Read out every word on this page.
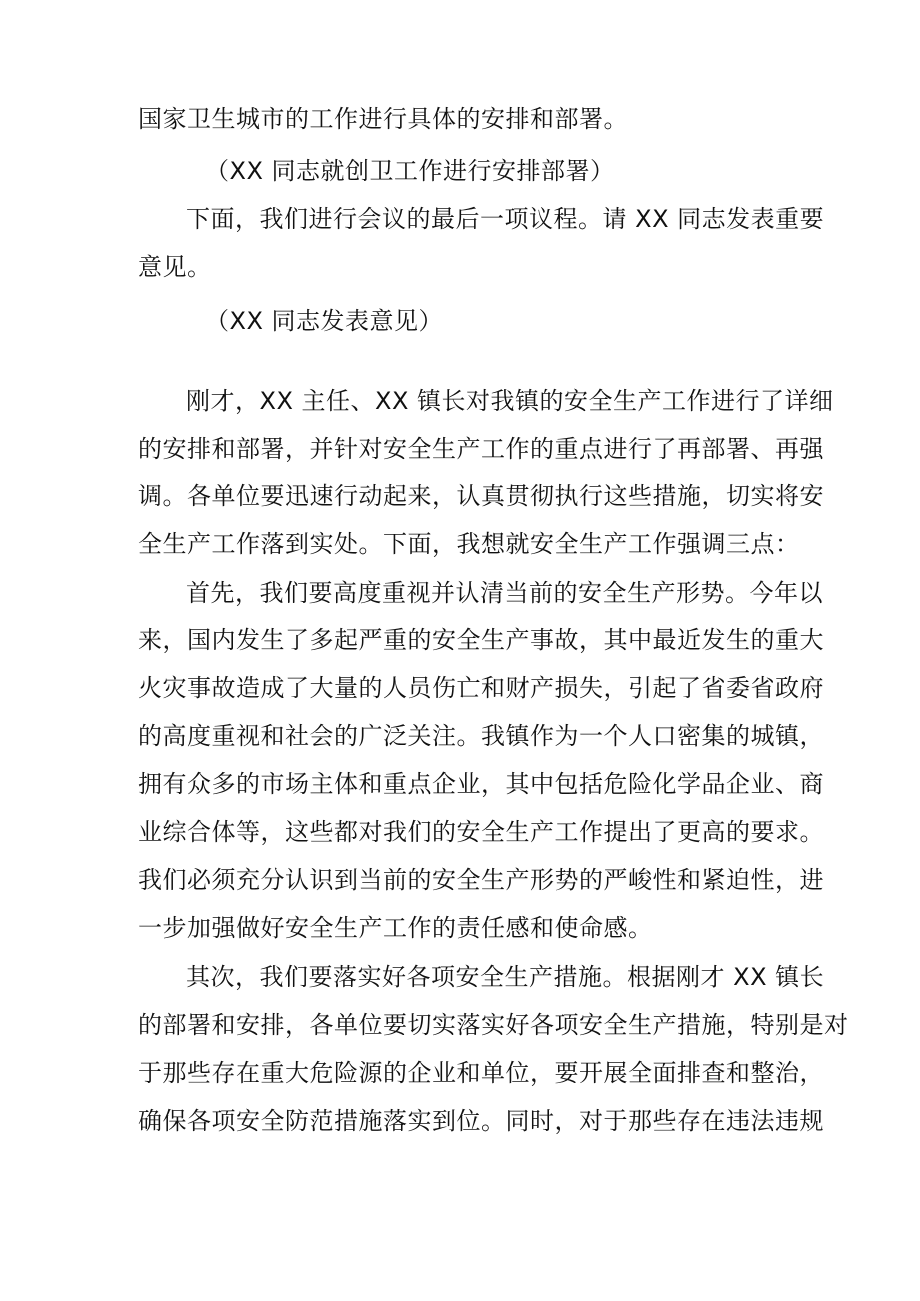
国家卫生城市的工作进行具体的安排和部署。
（XX 同志就创卫工作进行安排部署）
下面，我们进行会议的最后一项议程。请 XX 同志发表重要
意见。
（XX 同志发表意见）
刚才，XX 主任、XX 镇长对我镇的安全生产工作进行了详细
的安排和部署，并针对安全生产工作的重点进行了再部署、再强
调。各单位要迅速行动起来，认真贯彻执行这些措施，切实将安
全生产工作落到实处。下面，我想就安全生产工作强调三点：
首先，我们要高度重视并认清当前的安全生产形势。今年以
来，国内发生了多起严重的安全生产事故，其中最近发生的重大
火灾事故造成了大量的人员伤亡和财产损失，引起了省委省政府
的高度重视和社会的广泛关注。我镇作为一个人口密集的城镇，
拥有众多的市场主体和重点企业，其中包括危险化学品企业、商
业综合体等，这些都对我们的安全生产工作提出了更高的要求。
我们必须充分认识到当前的安全生产形势的严峻性和紧迫性，进
一步加强做好安全生产工作的责任感和使命感。
其次，我们要落实好各项安全生产措施。根据刚才 XX 镇长
的部署和安排，各单位要切实落实好各项安全生产措施，特别是对
于那些存在重大危险源的企业和单位，要开展全面排查和整治，
确保各项安全防范措施落实到位。同时，对于那些存在违法违规
